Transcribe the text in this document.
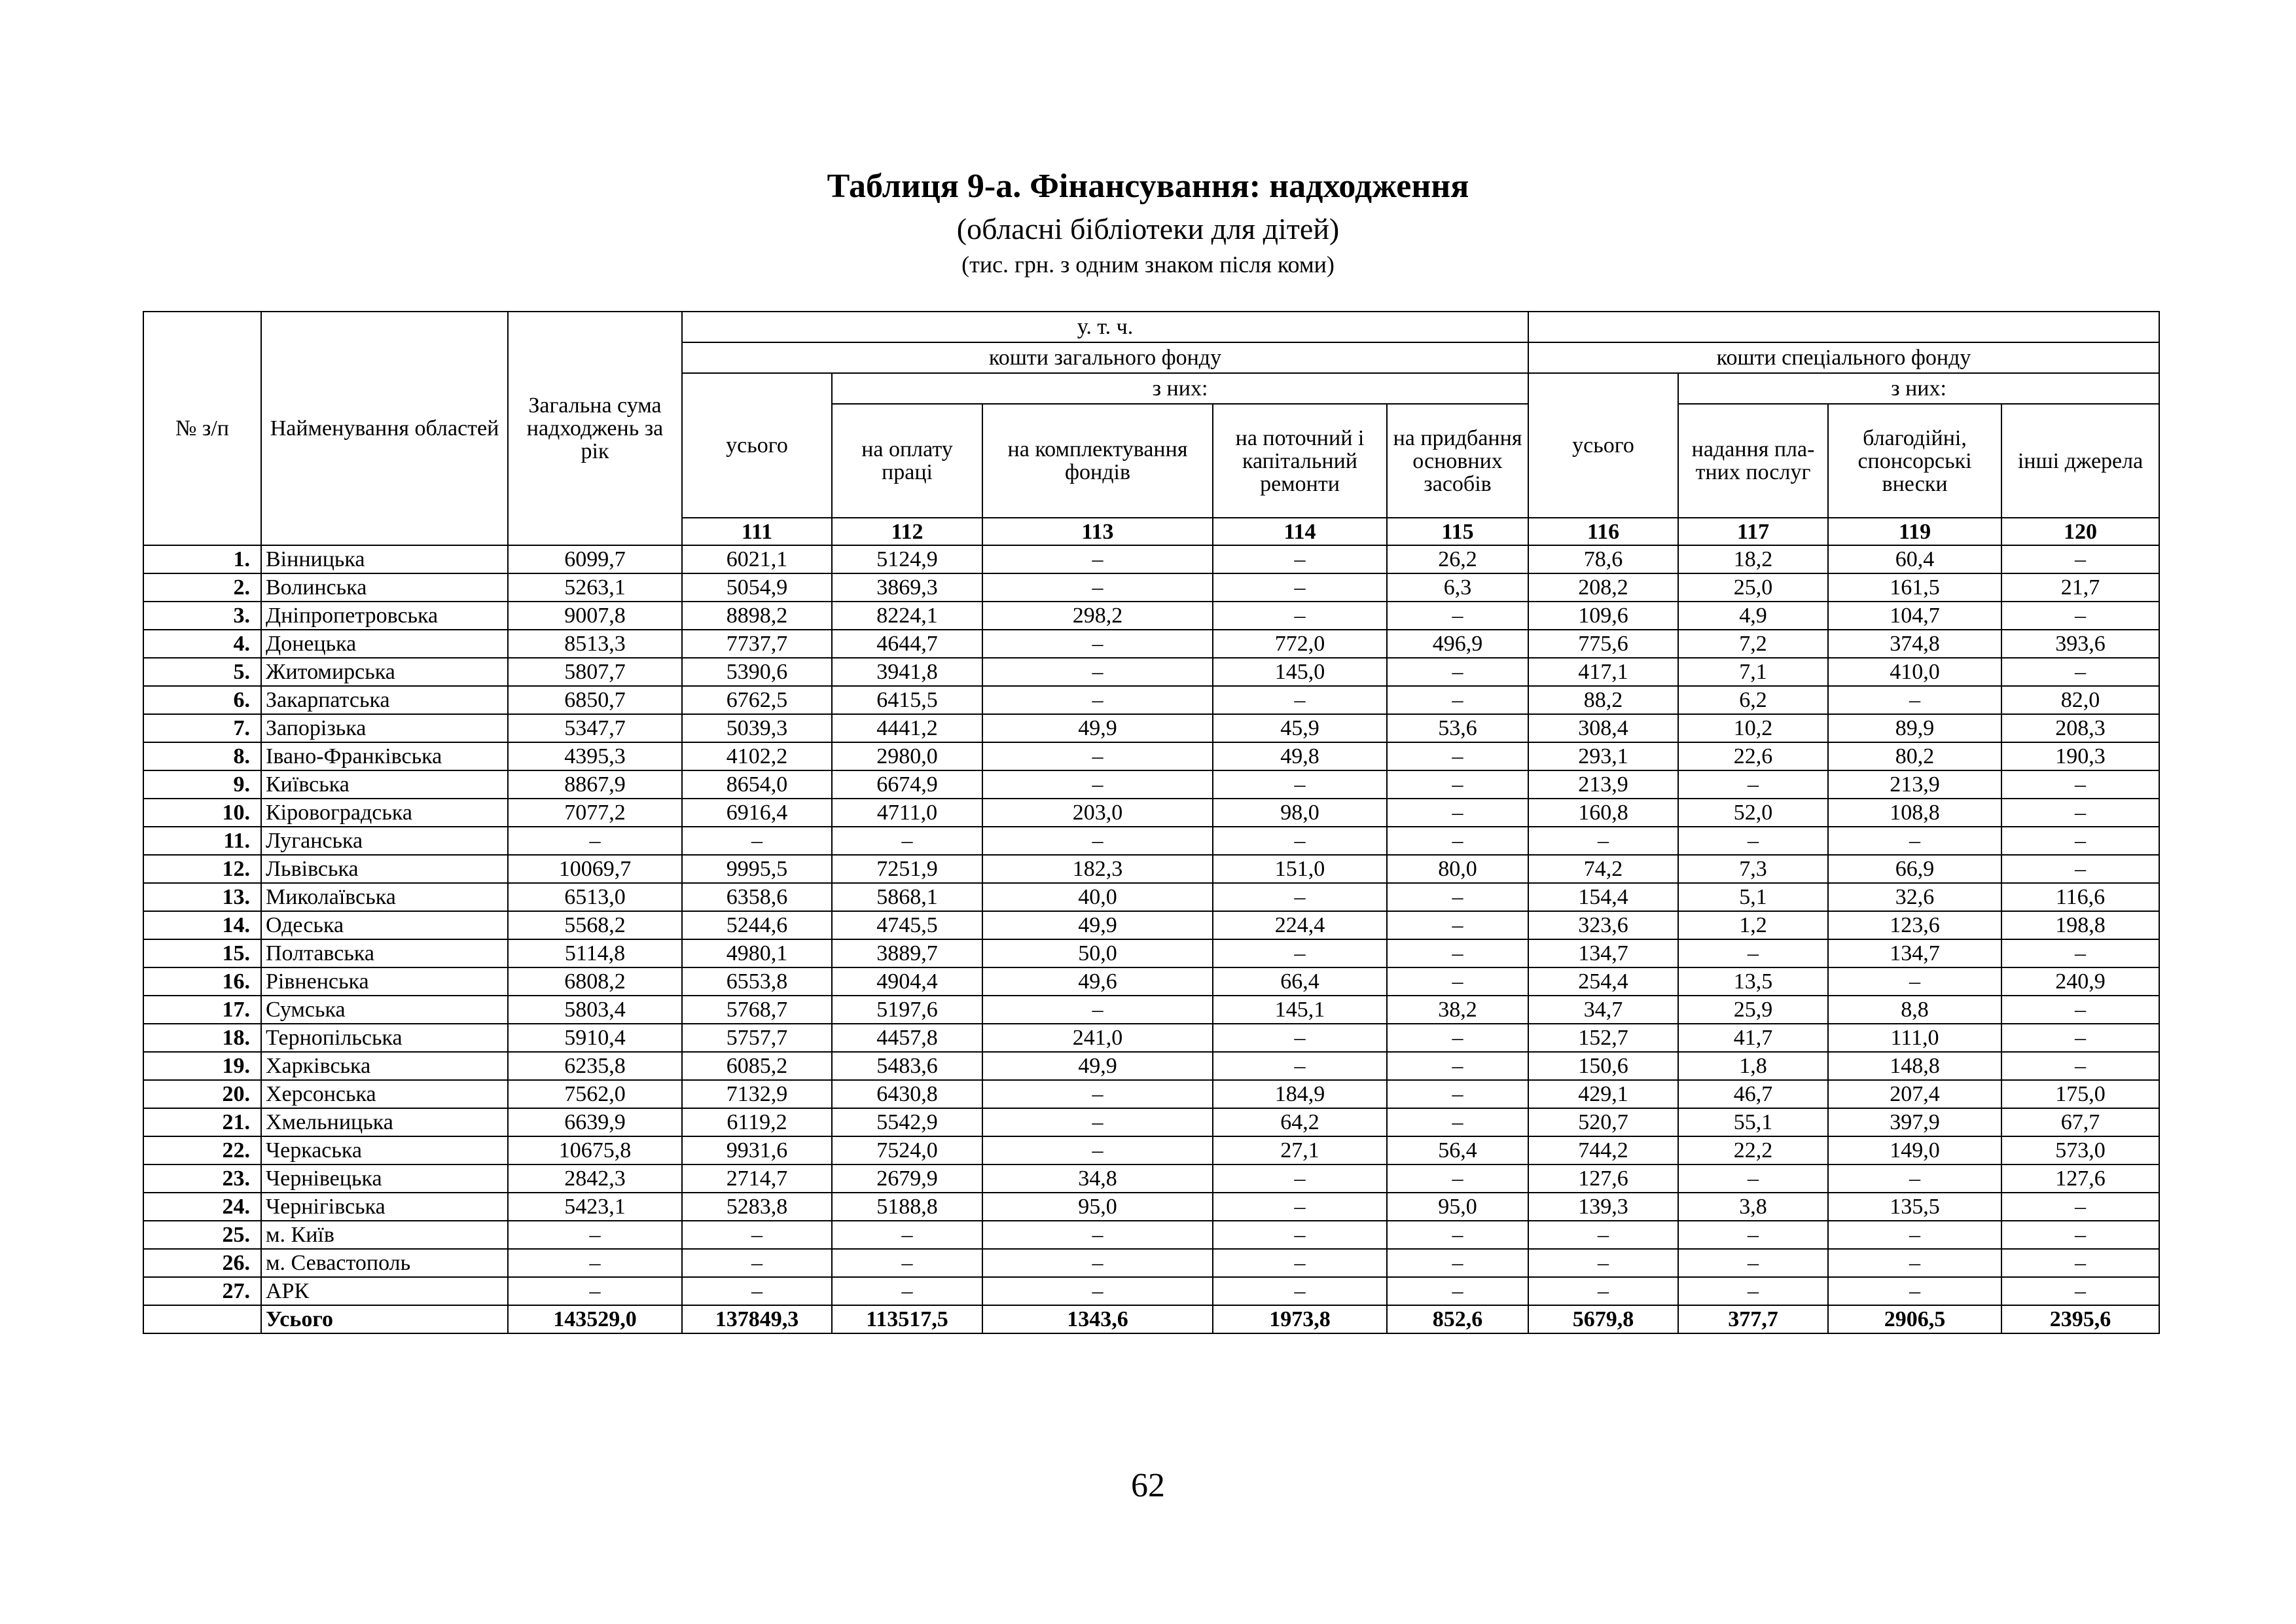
Таблиця 9-а. Фінансування: надходження
(обласні бібліотеки для дітей)
(тис. грн. з одним знаком після коми)
№ з/п	Найменування областей	Загальна сума надходжень за рік	у. т. ч.									
			кошти загального фонду					кошти спеціального фонду				
			усього	з них:				усього	з них:			
				на оплату праці	на комплектування фондів	на поточний і капітальний ремонти	на придбання основних засобів		надання пла-тних послуг	благодійні, спонсорські внески	інші джерела	
			111	112	113	114	115	116	117	119	120	
1.	Вінницька	6099,7	6021,1	5124,9	–	–	26,2	78,6	18,2	60,4	–	
2.	Волинська	5263,1	5054,9	3869,3	–	–	6,3	208,2	25,0	161,5	21,7	
3.	Дніпропетровська	9007,8	8898,2	8224,1	298,2	–	–	109,6	4,9	104,7	–	
4.	Донецька	8513,3	7737,7	4644,7	–	772,0	496,9	775,6	7,2	374,8	393,6	
5.	Житомирська	5807,7	5390,6	3941,8	–	145,0	–	417,1	7,1	410,0	–	
6.	Закарпатська	6850,7	6762,5	6415,5	–	–	–	88,2	6,2	–	82,0	
7.	Запорізька	5347,7	5039,3	4441,2	49,9	45,9	53,6	308,4	10,2	89,9	208,3	
8.	Івано-Франківська	4395,3	4102,2	2980,0	–	49,8	–	293,1	22,6	80,2	190,3	
9.	Київська	8867,9	8654,0	6674,9	–	–	–	213,9	–	213,9	–	
10.	Кіровоградська	7077,2	6916,4	4711,0	203,0	98,0	–	160,8	52,0	108,8	–	
11.	Луганська	–	–	–	–	–	–	–	–	–	–	
12.	Львівська	10069,7	9995,5	7251,9	182,3	151,0	80,0	74,2	7,3	66,9	–	
13.	Миколаївська	6513,0	6358,6	5868,1	40,0	–	–	154,4	5,1	32,6	116,6	
14.	Одеська	5568,2	5244,6	4745,5	49,9	224,4	–	323,6	1,2	123,6	198,8	
15.	Полтавська	5114,8	4980,1	3889,7	50,0	–	–	134,7	–	134,7	–	
16.	Рівненська	6808,2	6553,8	4904,4	49,6	66,4	–	254,4	13,5	–	240,9	
17.	Сумська	5803,4	5768,7	5197,6	–	145,1	38,2	34,7	25,9	8,8	–	
18.	Тернопільська	5910,4	5757,7	4457,8	241,0	–	–	152,7	41,7	111,0	–	
19.	Харківська	6235,8	6085,2	5483,6	49,9	–	–	150,6	1,8	148,8	–	
20.	Херсонська	7562,0	7132,9	6430,8	–	184,9	–	429,1	46,7	207,4	175,0	
21.	Хмельницька	6639,9	6119,2	5542,9	–	64,2	–	520,7	55,1	397,9	67,7	
22.	Черкаська	10675,8	9931,6	7524,0	–	27,1	56,4	744,2	22,2	149,0	573,0	
23.	Чернівецька	2842,3	2714,7	2679,9	34,8	–	–	127,6	–	–	127,6	
24.	Чернігівська	5423,1	5283,8	5188,8	95,0	–	95,0	139,3	3,8	135,5	–	
25.	м. Київ	–	–	–	–	–	–	–	–	–	–	
26.	м. Севастополь	–	–	–	–	–	–	–	–	–	–	
27.	АРК	–	–	–	–	–	–	–	–	–	–	
	Усього	143529,0	137849,3	113517,5	1343,6	1973,8	852,6	5679,8	377,7	2906,5	2395,6	
62
